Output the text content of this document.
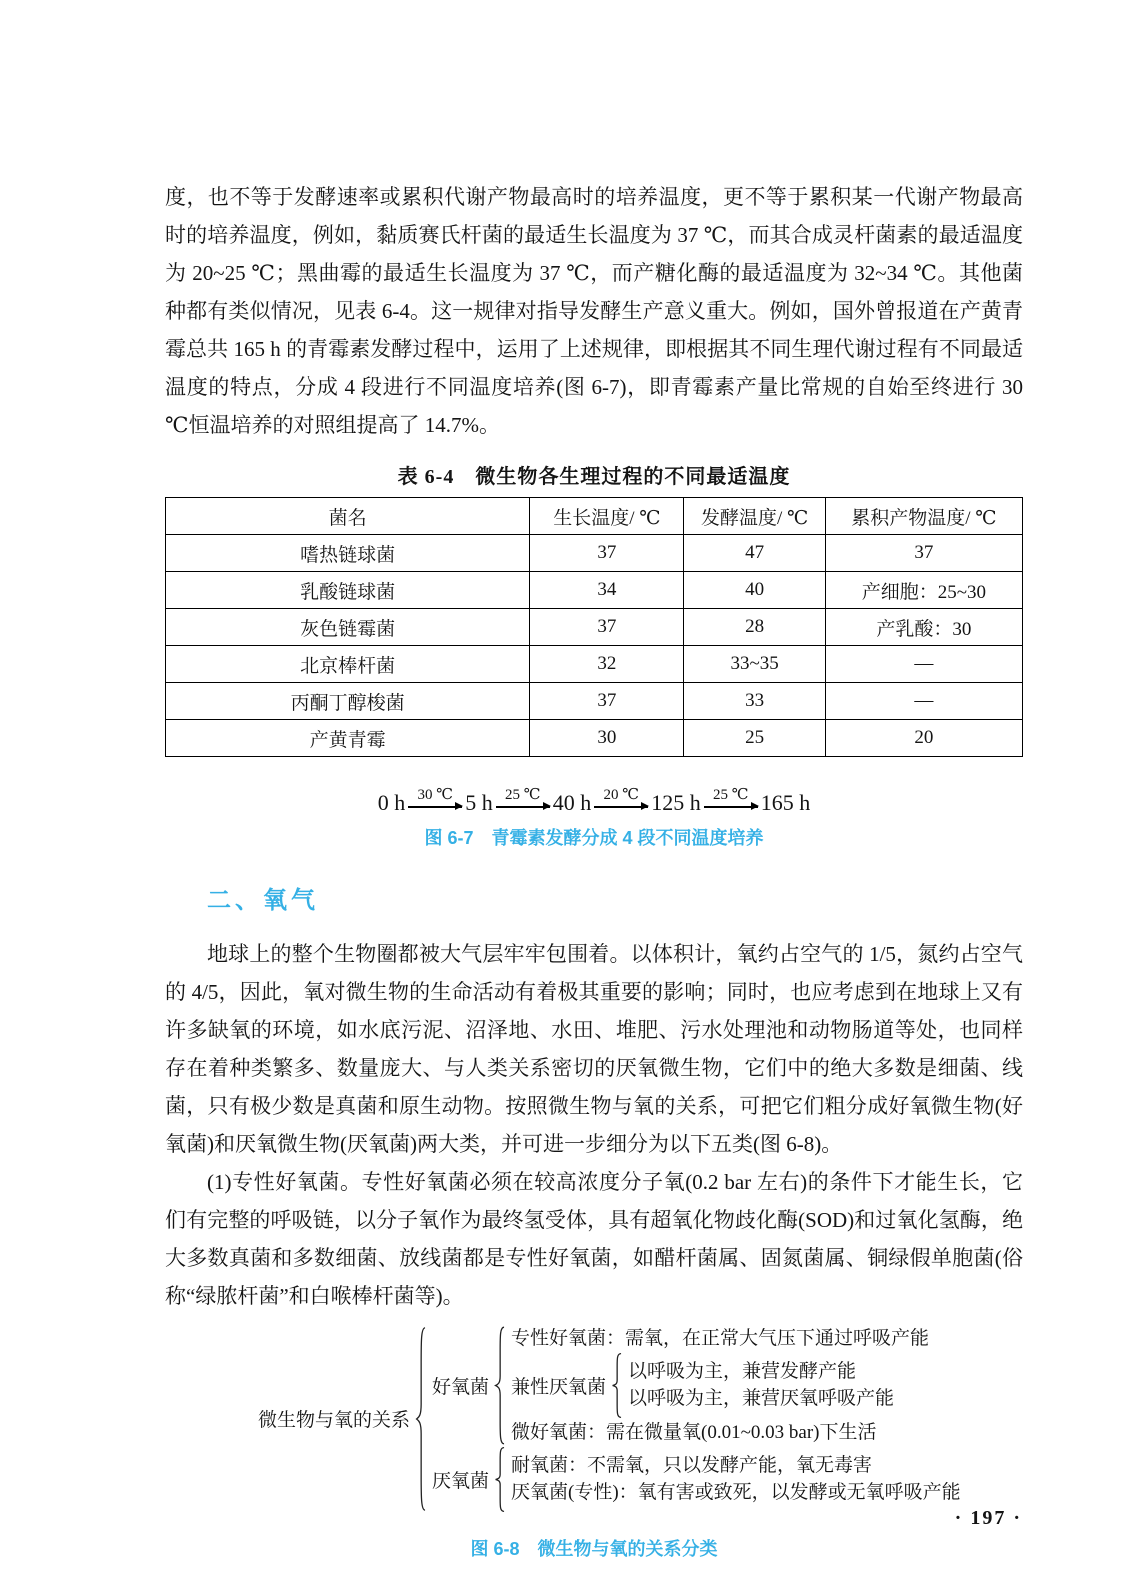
度，也不等于发酵速率或累积代谢产物最高时的培养温度，更不等于累积某一代谢产物最高时的培养温度，例如，黏质赛氏杆菌的最适生长温度为 37 ℃，而其合成灵杆菌素的最适温度为 20~25 ℃；黑曲霉的最适生长温度为 37 ℃，而产糖化酶的最适温度为 32~34 ℃。其他菌种都有类似情况，见表 6-4。这一规律对指导发酵生产意义重大。例如，国外曾报道在产黄青霉总共 165 h 的青霉素发酵过程中，运用了上述规律，即根据其不同生理代谢过程有不同最适温度的特点，分成 4 段进行不同温度培养(图 6-7)，即青霉素产量比常规的自始至终进行 30 ℃恒温培养的对照组提高了 14.7%。

表 6-4　微生物各生理过程的不同最适温度
菌名	生长温度/ ℃	发酵温度/ ℃	累积产物温度/ ℃
嗜热链球菌	37	47	37
乳酸链球菌	34	40	产细胞：25~30
灰色链霉菌	37	28	产乳酸：30
北京棒杆菌	32	33~35	—
丙酮丁醇梭菌	37	33	—
产黄青霉	30	25	20
0 h 30 ℃ 5 h 25 ℃ 40 h 20 ℃ 125 h 25 ℃ 165 h
图 6-7　青霉素发酵分成 4 段不同温度培养
二、氧气

地球上的整个生物圈都被大气层牢牢包围着。以体积计，氧约占空气的 1/5，氮约占空气的 4/5，因此，氧对微生物的生命活动有着极其重要的影响；同时，也应考虑到在地球上又有许多缺氧的环境，如水底污泥、沼泽地、水田、堆肥、污水处理池和动物肠道等处，也同样存在着种类繁多、数量庞大、与人类关系密切的厌氧微生物，它们中的绝大多数是细菌、线菌，只有极少数是真菌和原生动物。按照微生物与氧的关系，可把它们粗分成好氧微生物(好氧菌)和厌氧微生物(厌氧菌)两大类，并可进一步细分为以下五类(图 6-8)。

(1)专性好氧菌。专性好氧菌必须在较高浓度分子氧(0.2 bar 左右)的条件下才能生长，它们有完整的呼吸链，以分子氧作为最终氢受体，具有超氧化物歧化酶(SOD)和过氧化氢酶，绝大多数真菌和多数细菌、放线菌都是专性好氧菌，如醋杆菌属、固氮菌属、铜绿假单胞菌(俗称“绿脓杆菌”和白喉棒杆菌等)。

微生物与氧的关系
好氧菌
专性好氧菌：需氧，在正常大气压下通过呼吸产能
兼性厌氧菌
以呼吸为主，兼营发酵产能
以呼吸为主，兼营厌氧呼吸产能
微好氧菌：需在微量氧(0.01~0.03 bar)下生活
厌氧菌
耐氧菌：不需氧，只以发酵产能，氧无毒害
厌氧菌(专性)：氧有害或致死，以发酵或无氧呼吸产能
图 6-8　微生物与氧的关系分类
· 197 ·
